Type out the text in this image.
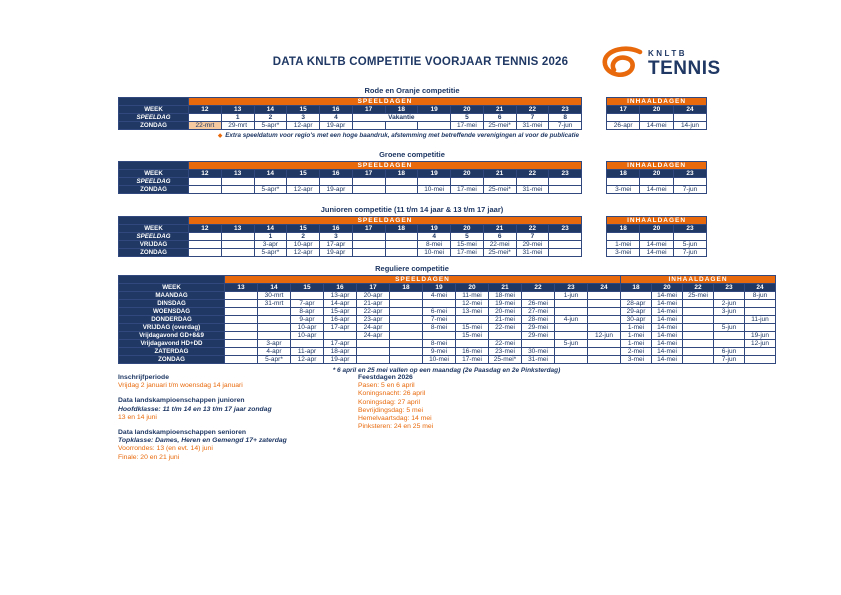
DATA KNLTB COMPETITIE VOORJAAR TENNIS 2026
KNLTB
TENNIS
Rode en Oranje competitie
	SPEELDAGEN													INHAALDAGEN		
WEEK	12	13	14	15	16	17	18	19	20	21	22	23		17	20	24
SPEELDAG		1	2	3	4	Vakantie			5	6	7	8				
ZONDAG	22-mrt	29-mrt	5-apr*	12-apr	19-apr				17-mei	25-mei*	31-mei	7-jun		26-apr	14-mei	14-jun
◆ Extra speeldatum voor regio's met een hoge baandruk, afstemming met betreffende verenigingen al voor de publicatie
Groene competitie
	SPEELDAGEN													INHAALDAGEN		
WEEK	12	13	14	15	16	17	18	19	20	21	22	23		18	20	23
SPEELDAG																
ZONDAG			5-apr*	12-apr	19-apr			10-mei	17-mei	25-mei*	31-mei			3-mei	14-mei	7-jun
Junioren competitie (11 t/m 14 jaar & 13 t/m 17 jaar)
	SPEELDAGEN													INHAALDAGEN		
WEEK	12	13	14	15	16	17	18	19	20	21	22	23		18	20	23
SPEELDAG			1	2	3			4	5	6	7					
VRIJDAG			3-apr	10-apr	17-apr			8-mei	15-mei	22-mei	29-mei			1-mei	14-mei	5-jun
ZONDAG			5-apr*	12-apr	19-apr			10-mei	17-mei	25-mei*	31-mei			3-mei	14-mei	7-jun
Reguliere competitie
	SPEELDAGEN												INHAALDAGEN				
WEEK	13	14	15	16	17	18	19	20	21	22	23	24	18	20	22	23	24
MAANDAG		30-mrt		13-apr	20-apr		4-mei	11-mei	18-mei		1-jun			14-mei	25-mei		8-jun
DINSDAG		31-mrt	7-apr	14-apr	21-apr			12-mei	19-mei	26-mei			28-apr	14-mei		2-jun	
WOENSDAG			8-apr	15-apr	22-apr		6-mei	13-mei	20-mei	27-mei			29-apr	14-mei		3-jun	
DONDERDAG			9-apr	16-apr	23-apr		7-mei		21-mei	28-mei	4-jun		30-apr	14-mei			11-jun
VRIJDAG (overdag)			10-apr	17-apr	24-apr		8-mei	15-mei	22-mei	29-mei			1-mei	14-mei		5-jun	
Vrijdagavond GD+8&9			10-apr		24-apr			15-mei		29-mei		12-jun	1-mei	14-mei			19-jun
Vrijdagavond HD+DD		3-apr		17-apr			8-mei		22-mei		5-jun		1-mei	14-mei			12-jun
ZATERDAG		4-apr	11-apr	18-apr			9-mei	16-mei	23-mei	30-mei			2-mei	14-mei		6-jun	
ZONDAG		5-apr*	12-apr	19-apr			10-mei	17-mei	25-mei*	31-mei			3-mei	14-mei		7-jun	
* 6 april en 25 mei vallen op een maandag (2e Paasdag en 2e Pinksterdag)
Inschrijfperiode
Vrijdag 2 januari t/m woensdag 14 januari
Data landskampioenschappen junioren
Hoofdklasse: 11 t/m 14 en 13 t/m 17 jaar zondag
13 en 14 juni
Data landskampioenschappen senioren
Topklasse: Dames, Heren en Gemengd 17+ zaterdag
Voorrondes: 13 (en evt. 14) juni
Finale: 20 en 21 juni
Feestdagen 2026
Pasen: 5 en 6 april
Koningsnacht: 26 april
Koningsdag: 27 april
Bevrijdingsdag: 5 mei
Hemelvaartsdag: 14 mei
Pinksteren: 24 en 25 mei
